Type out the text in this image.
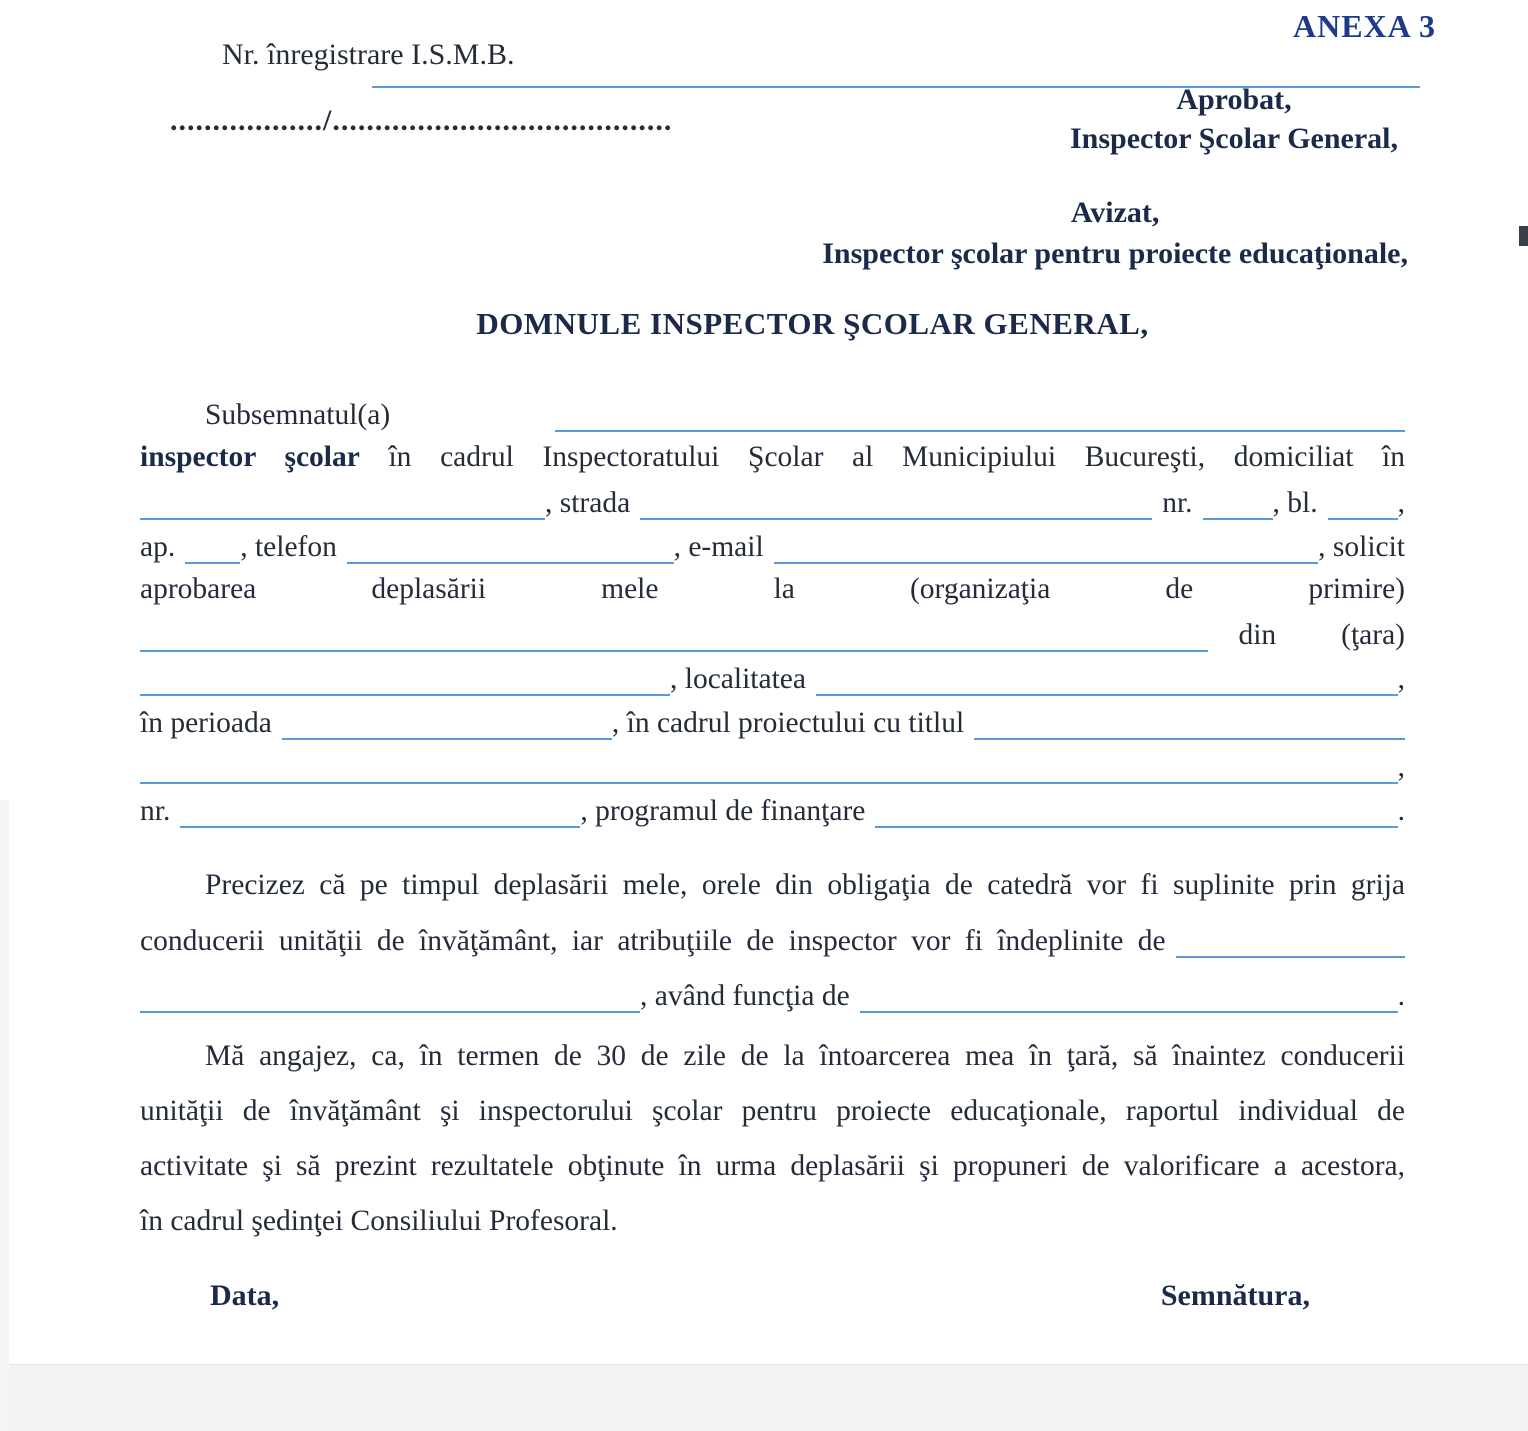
ANEXA 3
Nr. înregistrare I.S.M.B.
................../........................................
Aprobat,
Inspector Şcolar General,
Avizat,
Inspector şcolar pentru proiecte educaţionale,
DOMNULE INSPECTOR ŞCOLAR GENERAL,
Subsemnatul(a)
inspector şcolar în cadrul Inspectoratului Şcolar al Municipiului Bucureşti, domiciliat în
, strada	nr.	, bl.	,
ap. , telefon	, e-mail	, solicit
aprobarea deplasării mele la (organizaţia de primire)
din (ţara)
, localitatea	,
în perioada	, în cadrul proiectului cu titlul
,
nr.	, programul de finanţare	.
Precizez că pe timpul deplasării mele, orele din obligaţia de catedră vor fi suplinite prin grija
conducerii unităţii de învăţământ, iar atribuţiile de inspector vor fi îndeplinite de
, având funcţia de	.
Mă angajez, ca, în termen de 30 de zile de la întoarcerea mea în ţară, să înaintez conducerii
unităţii de învăţământ şi inspectorului şcolar pentru proiecte educaţionale, raportul individual de
activitate şi să prezint rezultatele obţinute în urma deplasării şi propuneri de valorificare a acestora,
în cadrul şedinţei Consiliului Profesoral.
Data,	Semnătura,
